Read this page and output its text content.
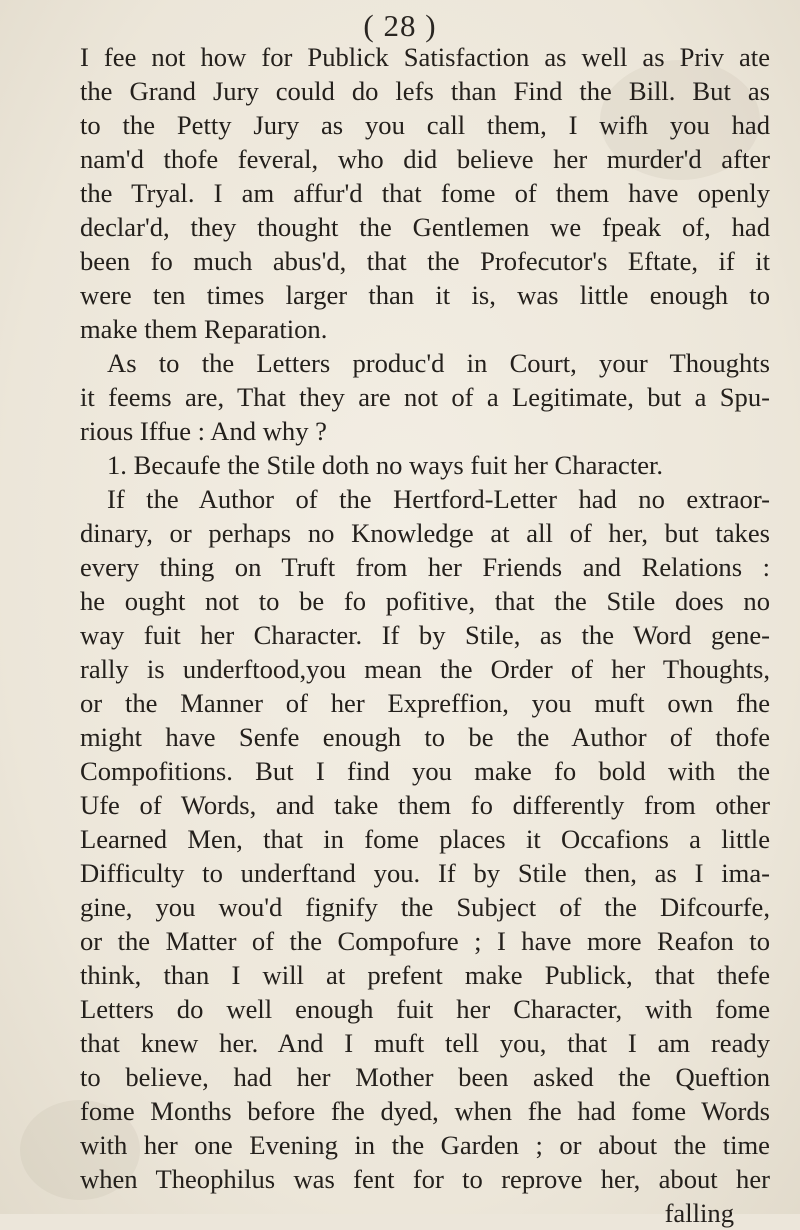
( 28 )
I fee not how for Publick Satisfaction as well as Priv ate
the Grand Jury could do lefs than Find the Bill. But as
to the Petty Jury as you call them, I wifh you had
nam'd thofe feveral, who did believe her murder'd after
the Tryal. I am affur'd that fome of them have openly
declar'd, they thought the Gentlemen we fpeak of, had
been fo much abus'd, that the Profecutor's Eftate, if it
were ten times larger than it is, was little enough to
make them Reparation.
As to the Letters produc'd in Court, your Thoughts
it feems are, That they are not of a Legitimate, but a Spu-
rious Iffue : And why ?
1. Becaufe the Stile doth no ways fuit her Character.
If the Author of the Hertford-Letter had no extraor-
dinary, or perhaps no Knowledge at all of her, but takes
every thing on Truft from her Friends and Relations :
he ought not to be fo pofitive, that the Stile does no
way fuit her Character. If by Stile, as the Word gene-
rally is underftood,you mean the Order of her Thoughts,
or the Manner of her Expreffion, you muft own fhe
might have Senfe enough to be the Author of thofe
Compofitions. But I find you make fo bold with the
Ufe of Words, and take them fo differently from other
Learned Men, that in fome places it Occafions a little
Difficulty to underftand you. If by Stile then, as I ima-
gine, you wou'd fignify the Subject of the Difcourfe,
or the Matter of the Compofure ; I have more Reafon to
think, than I will at prefent make Publick, that thefe
Letters do well enough fuit her Character, with fome
that knew her. And I muft tell you, that I am ready
to believe, had her Mother been asked the Queftion
fome Months before fhe dyed, when fhe had fome Words
with her one Evening in the Garden ; or about the time
when Theophilus was fent for to reprove her, about her
falling
